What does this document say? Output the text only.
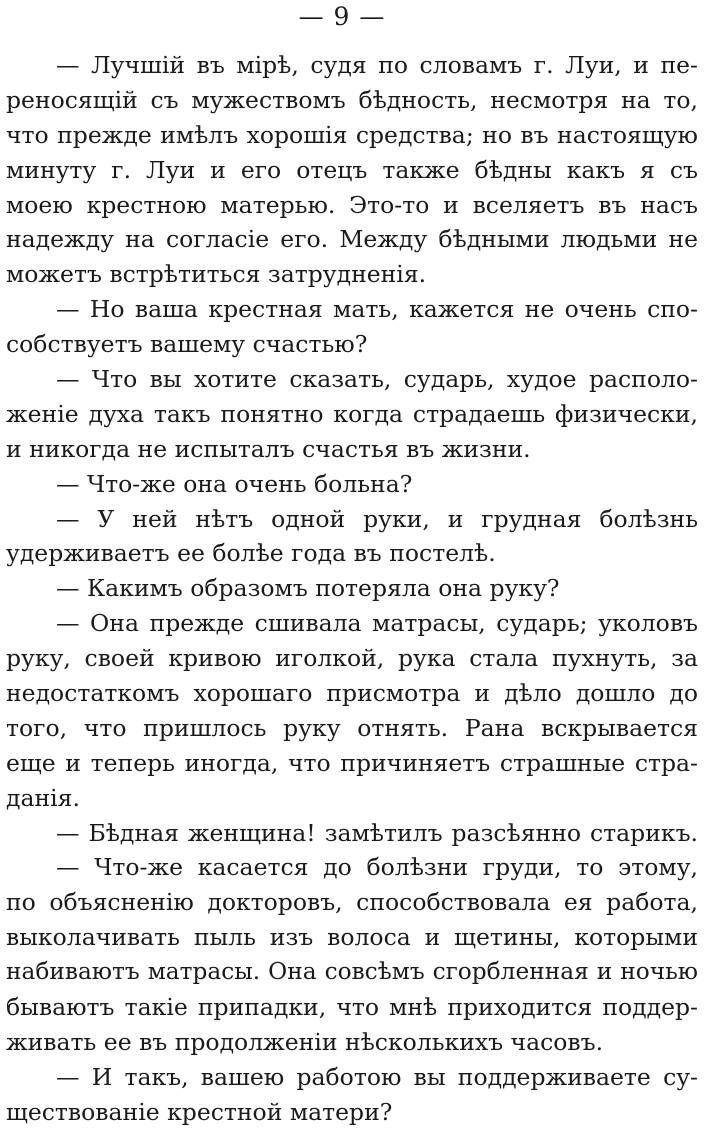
— 9 —
— Лучшій въ мірѣ, судя по словамъ г. Луи, и пе-
реносящій съ мужествомъ бѣдность, несмотря на то,
что прежде имѣлъ хорошія средства; но въ настоящую
минуту г. Луи и его отецъ также бѣдны какъ я съ
моею крестною матерью. Это-то и вселяетъ въ насъ
надежду на согласіе его. Между бѣдными людьми не
можетъ встрѣтиться затрудненія.
— Но ваша крестная мать, кажется не очень спо-
собствуетъ вашему счастью?
— Что вы хотите сказать, сударь, худое располо-
женіе духа такъ понятно когда страдаешь физически,
и никогда не испыталъ счастья въ жизни.
— Что-же она очень больна?
— У ней нѣтъ одной руки, и грудная болѣзнь
удерживаетъ ее болѣе года въ постелѣ.
— Какимъ образомъ потеряла она руку?
— Она прежде сшивала матрасы, сударь; уколовъ
руку, своей кривою иголкой, рука стала пухнуть, за
недостаткомъ хорошаго присмотра и дѣло дошло до
того, что пришлось руку отнять. Рана вскрывается
еще и теперь иногда, что причиняетъ страшные стра-
данія.
— Бѣдная женщина! замѣтилъ разсѣянно старикъ.
— Что-же касается до болѣзни груди, то этому,
по объясненію докторовъ, способствовала ея работа,
выколачивать пыль изъ волоса и щетины, которыми
набиваютъ матрасы. Она совсѣмъ сгорбленная и ночью
бываютъ такіе припадки, что мнѣ приходится поддер-
живать ее въ продолженіи нѣсколькихъ часовъ.
— И такъ, вашею работою вы поддерживаете су-
ществованіе крестной матери?
